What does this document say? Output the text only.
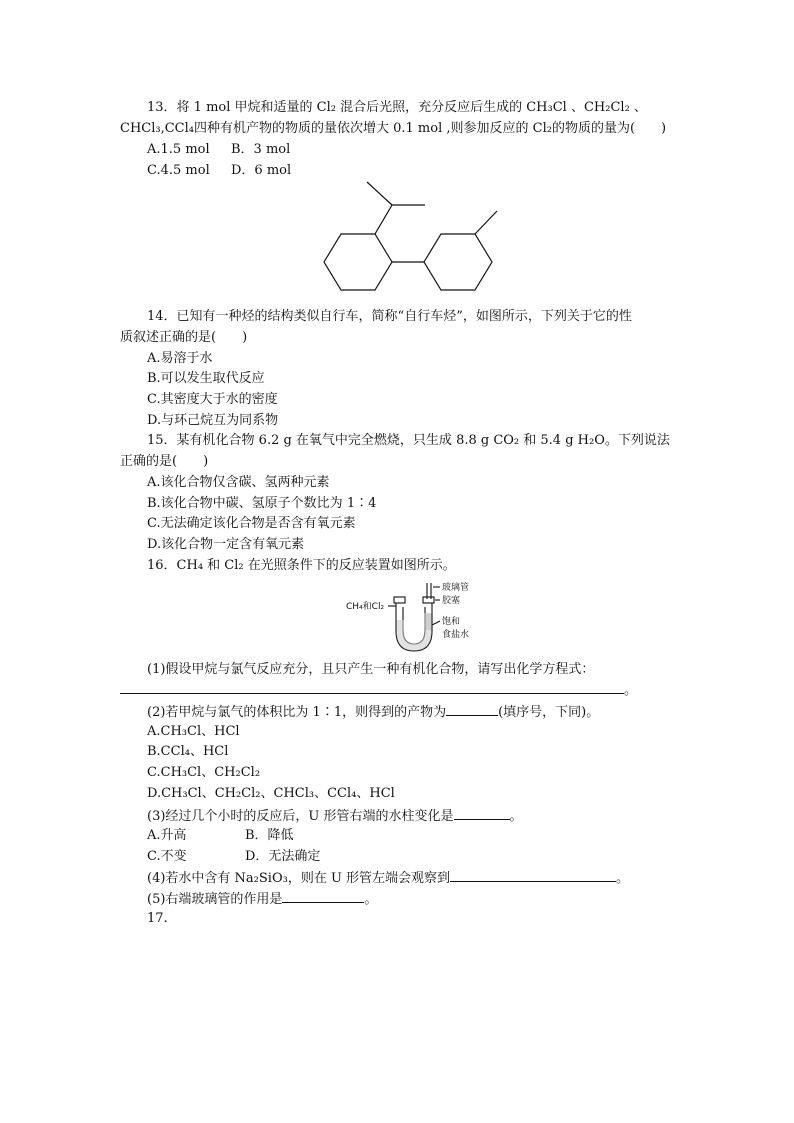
13．将 1 mol 甲烷和适量的 Cl₂ 混合后光照，充分反应后生成的 CH₃Cl 、CH₂Cl₂ 、
CHCl₃,CCl₄四种有机产物的物质的量依次增大 0.1 mol ,则参加反应的 Cl₂的物质的量为(　　)
A.1.5 mol B．3 mol
C.4.5 mol D．6 mol
14．已知有一种烃的结构类似自行车，简称“自行车烃”，如图所示，下列关于它的性
质叙述正确的是(　　)
A.易溶于水
B.可以发生取代反应
C.其密度大于水的密度
D.与环己烷互为同系物
15．某有机化合物 6.2 g 在氧气中完全燃烧，只生成 8.8 g CO₂ 和 5.4 g H₂O。下列说法
正确的是(　　)
A.该化合物仅含碳、氢两种元素
B.该化合物中碳、氢原子个数比为 1∶4
C.无法确定该化合物是否含有氧元素
D.该化合物一定含有氧元素
16．CH₄ 和 Cl₂ 在光照条件下的反应装置如图所示。
玻璃管
胶塞
CH₄和Cl₂
饱和
食盐水
(1)假设甲烷与氯气反应充分，且只产生一种有机化合物，请写出化学方程式：
。
(2)若甲烷与氯气的体积比为 1∶1，则得到的产物为	(填序号，下同)。
A.CH₃Cl、HCl
B.CCl₄、HCl
C.CH₃Cl、CH₂Cl₂
D.CH₃Cl、CH₂Cl₂、CHCl₃、CCl₄、HCl
(3)经过几个小时的反应后，U 形管右端的水柱变化是	。
A.升高	B．降低
C.不变	D．无法确定
(4)若水中含有 Na₂SiO₃，则在 U 形管左端会观察到	。
(5)右端玻璃管的作用是	。
17.
